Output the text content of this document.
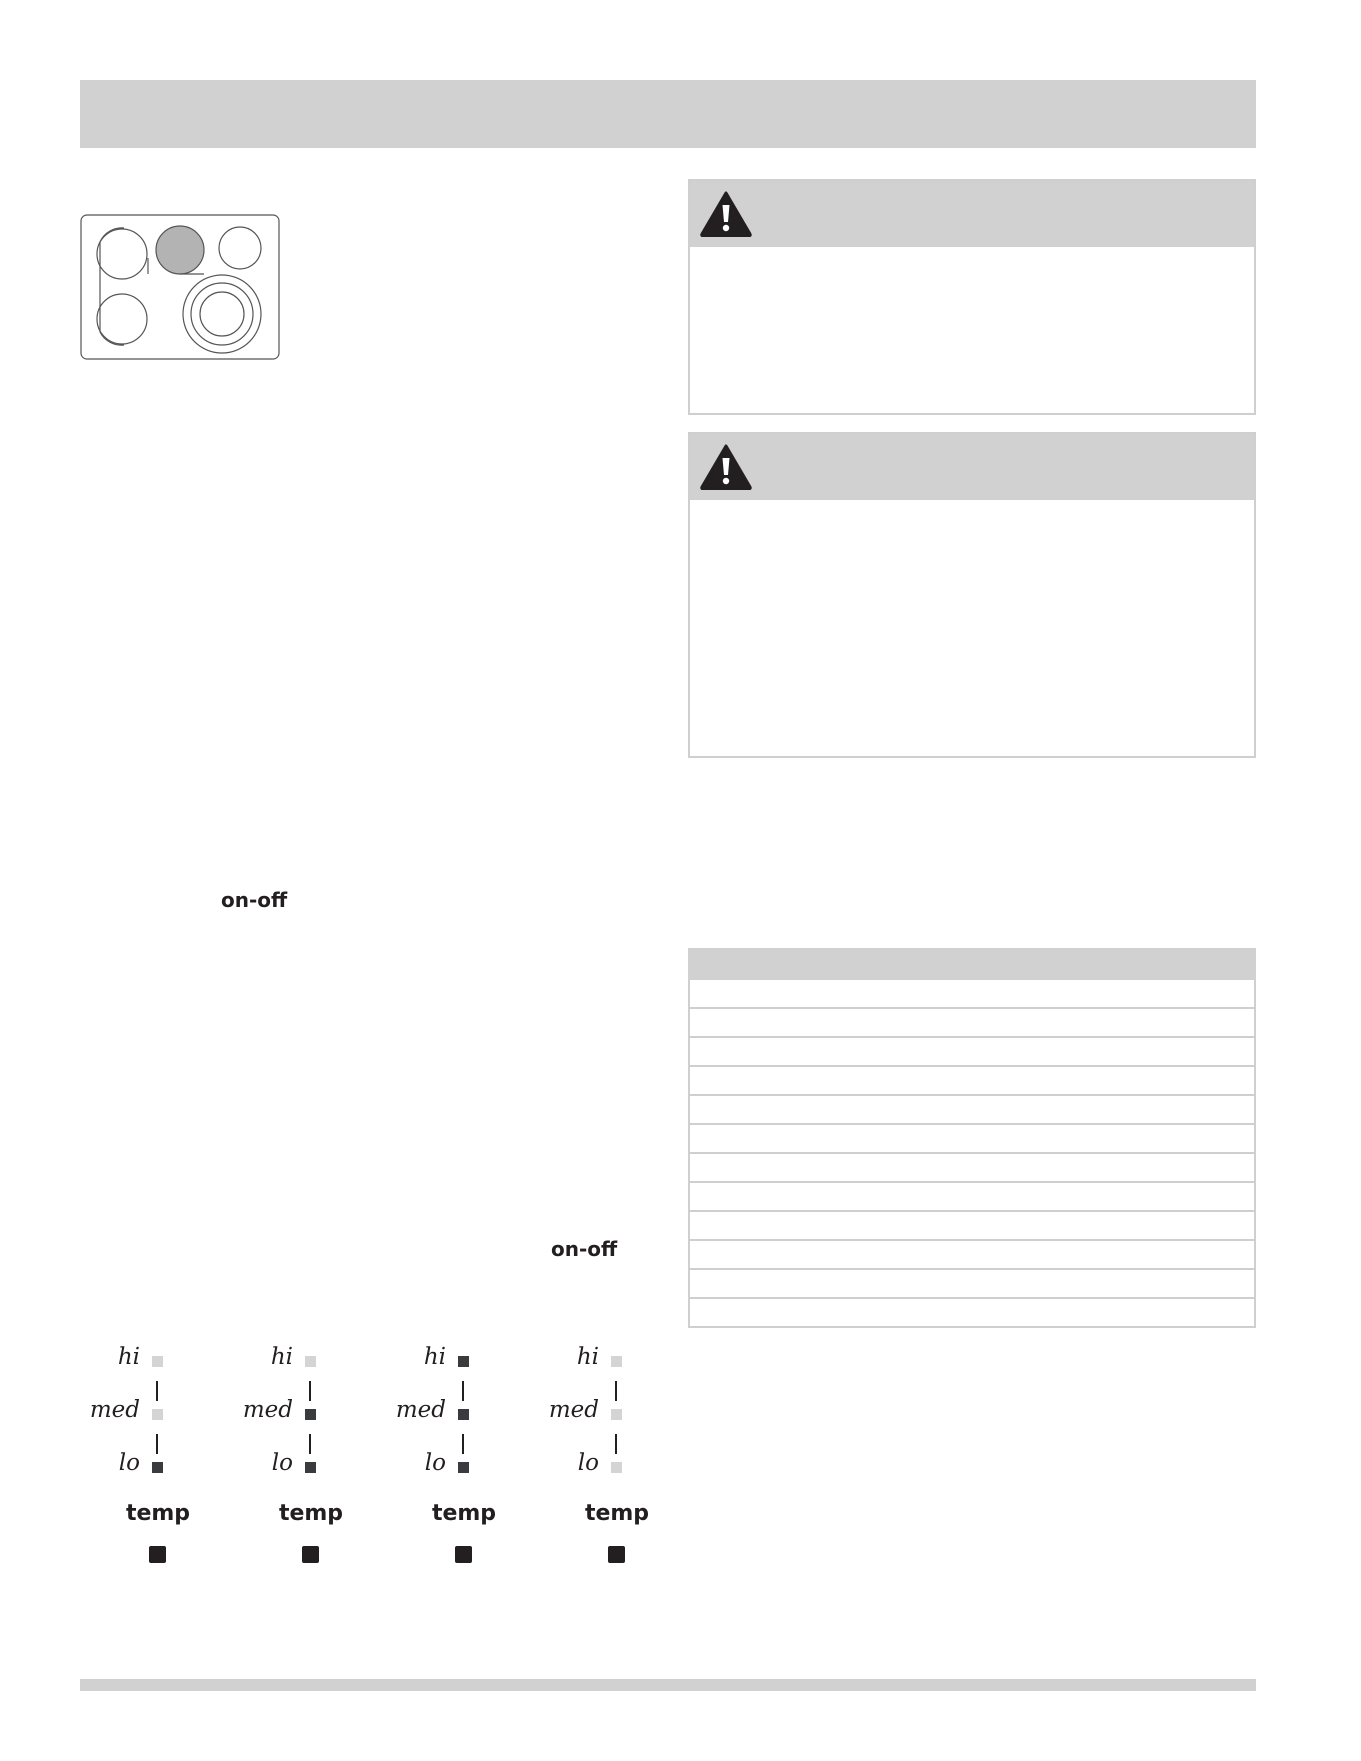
on-off
on-off
hi
med
lo
temp
hi
med
lo
temp
hi
med
lo
temp
hi
med
lo
temp
